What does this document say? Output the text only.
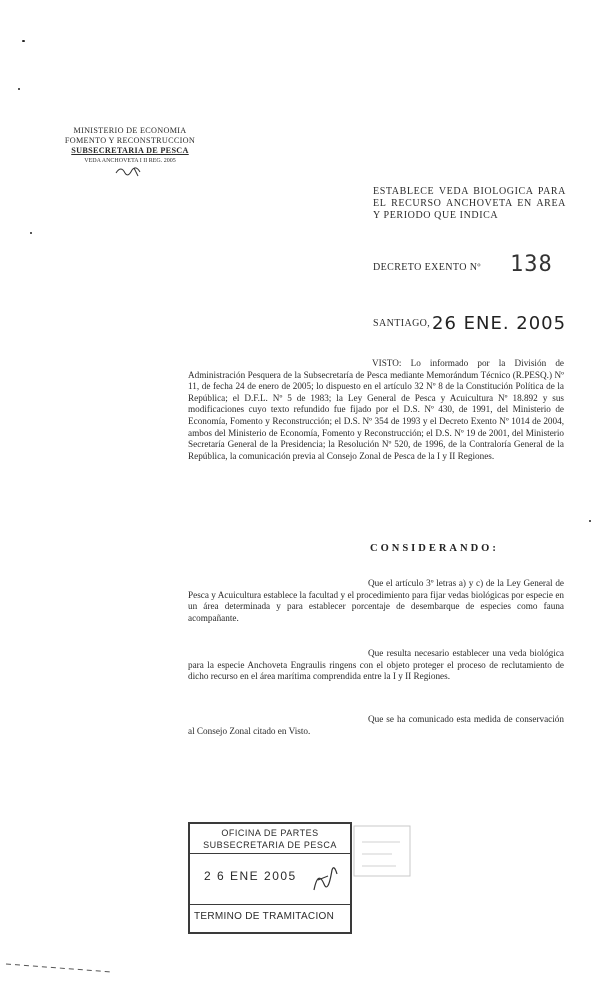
MINISTERIO DE ECONOMIA
FOMENTO Y RECONSTRUCCION
SUBSECRETARIA DE PESCA
VEDA ANCHOVETA I II REG. 2005
ESTABLECE VEDA BIOLOGICA PARA EL RECURSO ANCHOVETA EN AREA Y PERIODO QUE INDICA
DECRETO EXENTO Nº 138
SANTIAGO, 26 ENE. 2005
VISTO: Lo informado por la División de Administración Pesquera de la Subsecretaría de Pesca mediante Memorándum Técnico (R.PESQ.) Nº 11, de fecha 24 de enero de 2005; lo dispuesto en el artículo 32 Nº 8 de la Constitución Política de la República; el D.F.L. Nº 5 de 1983; la Ley General de Pesca y Acuicultura Nº 18.892 y sus modificaciones cuyo texto refundido fue fijado por el D.S. Nº 430, de 1991, del Ministerio de Economía, Fomento y Reconstrucción; el D.S. Nº 354 de 1993 y el Decreto Exento Nº 1014 de 2004, ambos del Ministerio de Economía, Fomento y Reconstrucción; el D.S. Nº 19 de 2001, del Ministerio Secretaría General de la Presidencia; la Resolución Nº 520, de 1996, de la Contraloría General de la República, la comunicación previa al Consejo Zonal de Pesca de la I y II Regiones.
CONSIDERANDO:
Que el artículo 3º letras a) y c) de la Ley General de Pesca y Acuicultura establece la facultad y el procedimiento para fijar vedas biológicas por especie en un área determinada y para establecer porcentaje de desembarque de especies como fauna acompañante.
Que resulta necesario establecer una veda biológica para la especie Anchoveta Engraulis ringens con el objeto proteger el proceso de reclutamiento de dicho recurso en el área marítima comprendida entre la I y II Regiones.
Que se ha comunicado esta medida de conservación al Consejo Zonal citado en Visto.
OFICINA DE PARTES
SUBSECRETARIA DE PESCA
2 6 ENE 2005
TERMINO DE TRAMITACION
